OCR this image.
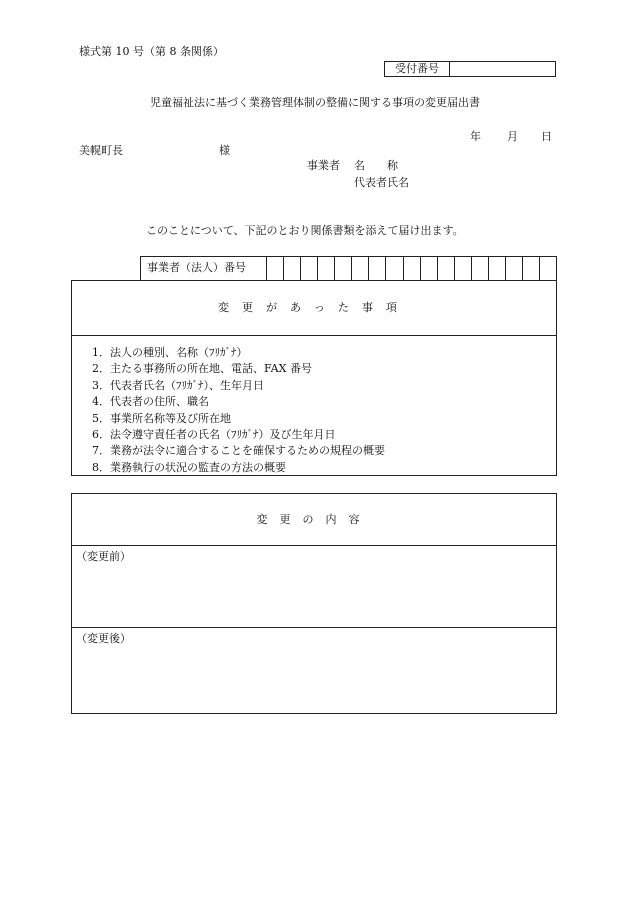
様式第 10 号（第 8 条関係）
受付番号
児童福祉法に基づく業務管理体制の整備に関する事項の変更届出書
年 月 日
美幌町長	様
事業者 名　　称
代表者氏名
このことについて、下記のとおり関係書類を添えて届け出ます。
事業者（法人）番号
変更があった事項
1．法人の種別、名称（ﾌﾘｶﾞﾅ）
2．主たる事務所の所在地、電話、FAX 番号
3．代表者氏名（ﾌﾘｶﾞﾅ）、生年月日
4．代表者の住所、職名
5．事業所名称等及び所在地
6．法令遵守責任者の氏名（ﾌﾘｶﾞﾅ）及び生年月日
7．業務が法令に適合することを確保するための規程の概要
8．業務執行の状況の監査の方法の概要
変更の内容
（変更前）
（変更後）
